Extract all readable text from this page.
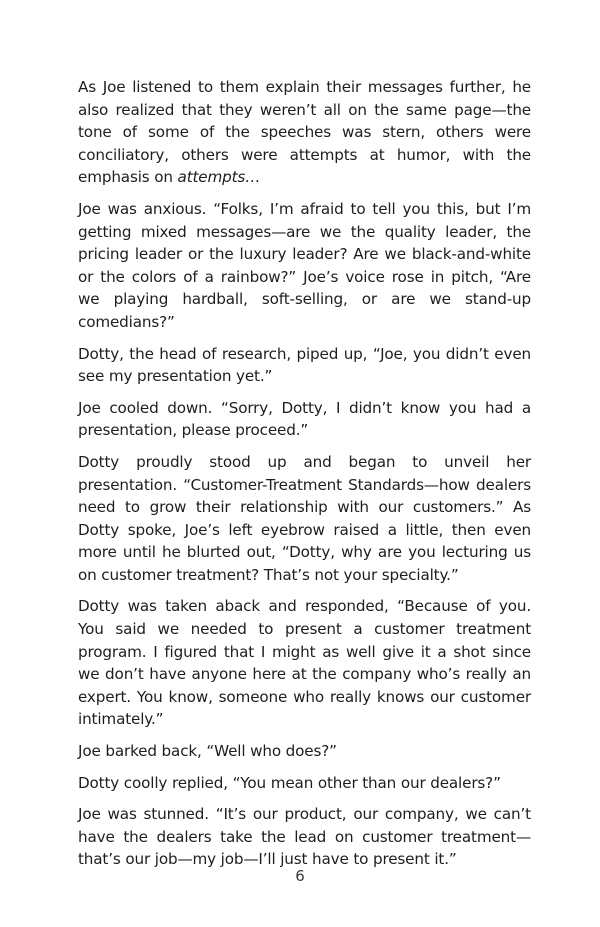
As Joe listened to them explain their messages further, he also realized that they weren’t all on the same page—the tone of some of the speeches was stern, others were conciliatory, others were attempts at humor, with the emphasis on attempts…

Joe was anxious. “Folks, I’m afraid to tell you this, but I’m getting mixed messages—are we the quality leader, the pricing leader or the luxury leader? Are we black-and-white or the colors of a rainbow?” Joe’s voice rose in pitch, “Are we playing hardball, soft-selling, or are we stand-up comedians?”

Dotty, the head of research, piped up, “Joe, you didn’t even see my presentation yet.”

Joe cooled down. “Sorry, Dotty, I didn’t know you had a presentation, please proceed.”

Dotty proudly stood up and began to unveil her presentation. “Customer-Treatment Standards—how dealers need to grow their relationship with our customers.” As Dotty spoke, Joe’s left eyebrow raised a little, then even more until he blurted out, “Dotty, why are you lecturing us on customer treatment? That’s not your specialty.”

Dotty was taken aback and responded, “Because of you. You said we needed to present a customer treatment program. I figured that I might as well give it a shot since we don’t have anyone here at the company who’s really an expert. You know, someone who really knows our customer intimately.”

Joe barked back, “Well who does?”

Dotty coolly replied, “You mean other than our dealers?”

Joe was stunned. “It’s our product, our company, we can’t have the dealers take the lead on customer treatment—that’s our job—my job—I’ll just have to present it.”

6
